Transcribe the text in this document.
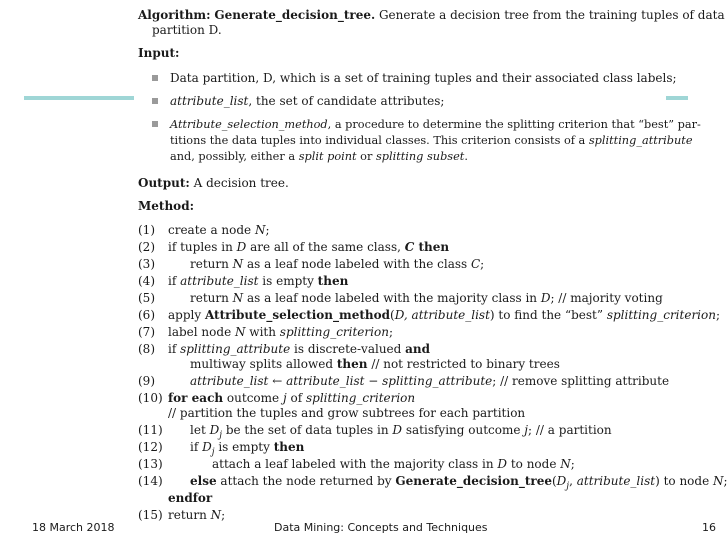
Algorithm: Generate_decision_tree. Generate a decision tree from the training tuples of data
partition D.
Input:
Data partition, D, which is a set of training tuples and their associated class labels;
attribute_list, the set of candidate attributes;
Attribute_selection_method, a procedure to determine the splitting criterion that “best” par-
titions the data tuples into individual classes. This criterion consists of a splitting_attribute
and, possibly, either a split point or splitting subset.
Output: A decision tree.
Method:
(1) create a node N;
(2) if tuples in D are all of the same class, C then
(3)	return N as a leaf node labeled with the class C;
(4) if attribute_list is empty then
(5)	return N as a leaf node labeled with the majority class in D; // majority voting
(6) apply Attribute_selection_method(D, attribute_list) to find the “best” splitting_criterion;
(7) label node N with splitting_criterion;
(8) if splitting_attribute is discrete-valued and
multiway splits allowed then // not restricted to binary trees
(9)	attribute_list ← attribute_list − splitting_attribute; // remove splitting attribute
(10) for each outcome j of splitting_criterion
// partition the tuples and grow subtrees for each partition
(11) let $D_j$ be the set of data tuples in D satisfying outcome j; // a partition
(12) if $D_j$ is empty then
(13)	attach a leaf labeled with the majority class in D to node N;
(14) else attach the node returned by $Generate\_decision\_tree(D_j$, attribute_list) to node N;
endfor
(15) return N;
18 March 2018	Data Mining: Concepts and Techniques	16
